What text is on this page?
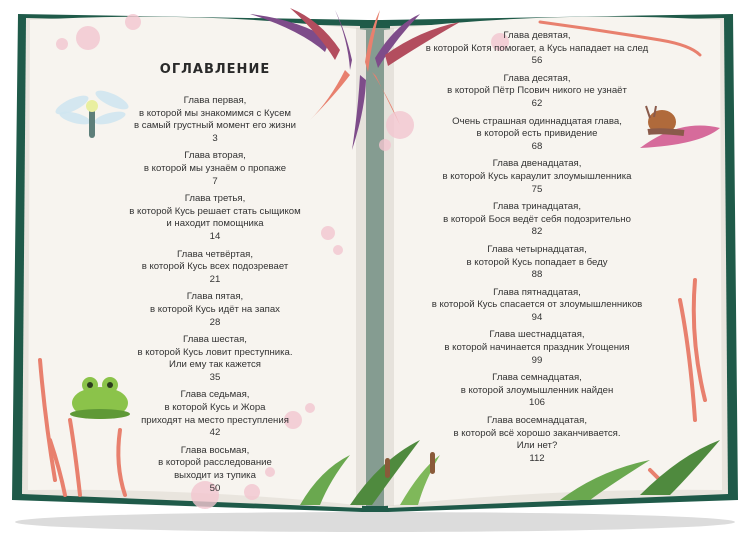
ОГЛАВЛЕНИЕ
Глава первая,
в которой мы знакомимся с Кусем
в самый грустный момент его жизни
3
Глава вторая,
в которой мы узнаём о пропаже
7
Глава третья,
в которой Кусь решает стать сыщиком
и находит помощника
14
Глава четвёртая,
в которой Кусь всех подозревает
21
Глава пятая,
в которой Кусь идёт на запах
28
Глава шестая,
в которой Кусь ловит преступника.
Или ему так кажется
35
Глава седьмая,
в которой Кусь и Жора
приходят на место преступления
42
Глава восьмая,
в которой расследование
выходит из тупика
50
Глава девятая,
в которой Котя помогает, а Кусь нападает на след
56
Глава десятая,
в которой Пётр Псович никого не узнаёт
62
Очень страшная одиннадцатая глава,
в которой есть привидение
68
Глава двенадцатая,
в которой Кусь караулит злоумышленника
75
Глава тринадцатая,
в которой Бося ведёт себя подозрительно
82
Глава четырнадцатая,
в которой Кусь попадает в беду
88
Глава пятнадцатая,
в которой Кусь спасается от злоумышленников
94
Глава шестнадцатая,
в которой начинается праздник Угощения
99
Глава семнадцатая,
в которой злоумышленник найден
106
Глава восемнадцатая,
в которой всё хорошо заканчивается.
Или нет?
112
